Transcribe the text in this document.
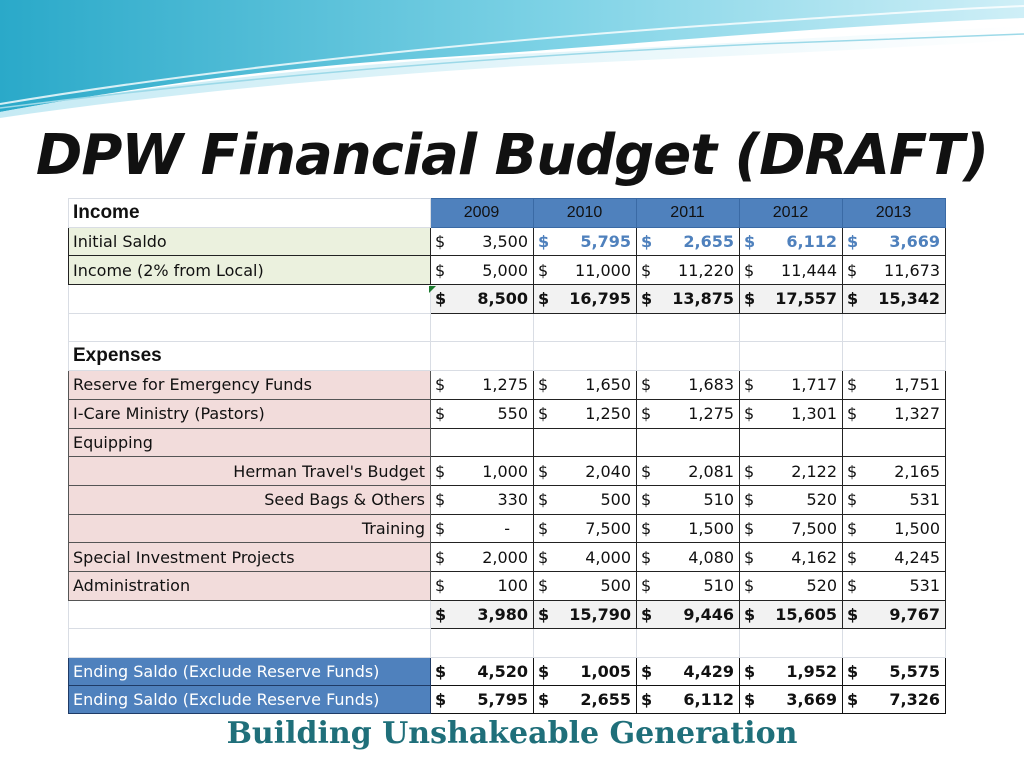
DPW Financial Budget (DRAFT)
Income	2009	2010	2011	2012	2013
Initial Saldo	$ 3,500	$ 5,795	$ 2,655	$ 6,112	$ 3,669

Income (2% from Local)	$ 5,000	$ 11,000	$ 11,220	$ 11,444	$ 11,673

	$ 8,500	$ 16,795	$ 13,875	$ 17,557	$ 15,342

Expenses					
Reserve for Emergency Funds	$ 1,275	$ 1,650	$ 1,683	$ 1,717	$ 1,751

I-Care Ministry (Pastors)	$ 550	$ 1,250	$ 1,275	$ 1,301	$ 1,327

Equipping					
Herman Travel's Budget	$ 1,000	$ 2,040	$ 2,081	$ 2,122	$ 2,165

Seed Bags & Others	$ 330	$ 500	$ 510	$ 520	$ 531

Training	$ -	$ 7,500	$ 1,500	$ 7,500	$ 1,500

Special Investment Projects	$ 2,000	$ 4,000	$ 4,080	$ 4,162	$ 4,245

Administration	$ 100	$ 500	$ 510	$ 520	$ 531

	$ 3,980	$ 15,790	$ 9,446	$ 15,605	$ 9,767

Ending Saldo (Exclude Reserve Funds)	$ 4,520	$ 1,005	$ 4,429	$ 1,952	$ 5,575

Ending Saldo (Exclude Reserve Funds)	$ 5,795	$ 2,655	$ 6,112	$ 3,669	$ 7,326
Building Unshakeable Generation
